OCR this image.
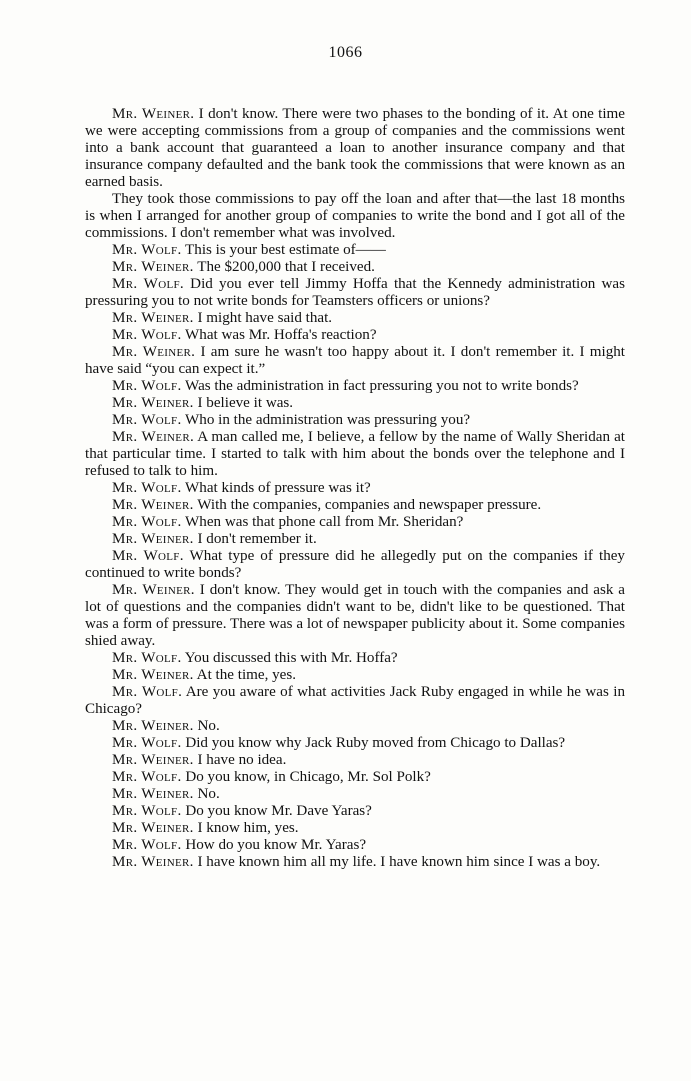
1066

Mr. Weiner. I don't know. There were two phases to the bonding of it. At one time we were accepting commissions from a group of companies and the commissions went into a bank account that guaranteed a loan to another insurance company and that insurance company defaulted and the bank took the commissions that were known as an earned basis.

They took those commissions to pay off the loan and after that—the last 18 months is when I arranged for another group of companies to write the bond and I got all of the commissions. I don't remember what was involved.

Mr. Wolf. This is your best estimate of——

Mr. Weiner. The $200,000 that I received.

Mr. Wolf. Did you ever tell Jimmy Hoffa that the Kennedy administration was pressuring you to not write bonds for Teamsters officers or unions?

Mr. Weiner. I might have said that.

Mr. Wolf. What was Mr. Hoffa's reaction?

Mr. Weiner. I am sure he wasn't too happy about it. I don't remember it. I might have said “you can expect it.”

Mr. Wolf. Was the administration in fact pressuring you not to write bonds?

Mr. Weiner. I believe it was.

Mr. Wolf. Who in the administration was pressuring you?

Mr. Weiner. A man called me, I believe, a fellow by the name of Wally Sheridan at that particular time. I started to talk with him about the bonds over the telephone and I refused to talk to him.

Mr. Wolf. What kinds of pressure was it?

Mr. Weiner. With the companies, companies and newspaper pressure.

Mr. Wolf. When was that phone call from Mr. Sheridan?

Mr. Weiner. I don't remember it.

Mr. Wolf. What type of pressure did he allegedly put on the companies if they continued to write bonds?

Mr. Weiner. I don't know. They would get in touch with the companies and ask a lot of questions and the companies didn't want to be, didn't like to be questioned. That was a form of pressure. There was a lot of newspaper publicity about it. Some companies shied away.

Mr. Wolf. You discussed this with Mr. Hoffa?

Mr. Weiner. At the time, yes.

Mr. Wolf. Are you aware of what activities Jack Ruby engaged in while he was in Chicago?

Mr. Weiner. No.

Mr. Wolf. Did you know why Jack Ruby moved from Chicago to Dallas?

Mr. Weiner. I have no idea.

Mr. Wolf. Do you know, in Chicago, Mr. Sol Polk?

Mr. Weiner. No.

Mr. Wolf. Do you know Mr. Dave Yaras?

Mr. Weiner. I know him, yes.

Mr. Wolf. How do you know Mr. Yaras?

Mr. Weiner. I have known him all my life. I have known him since I was a boy.
